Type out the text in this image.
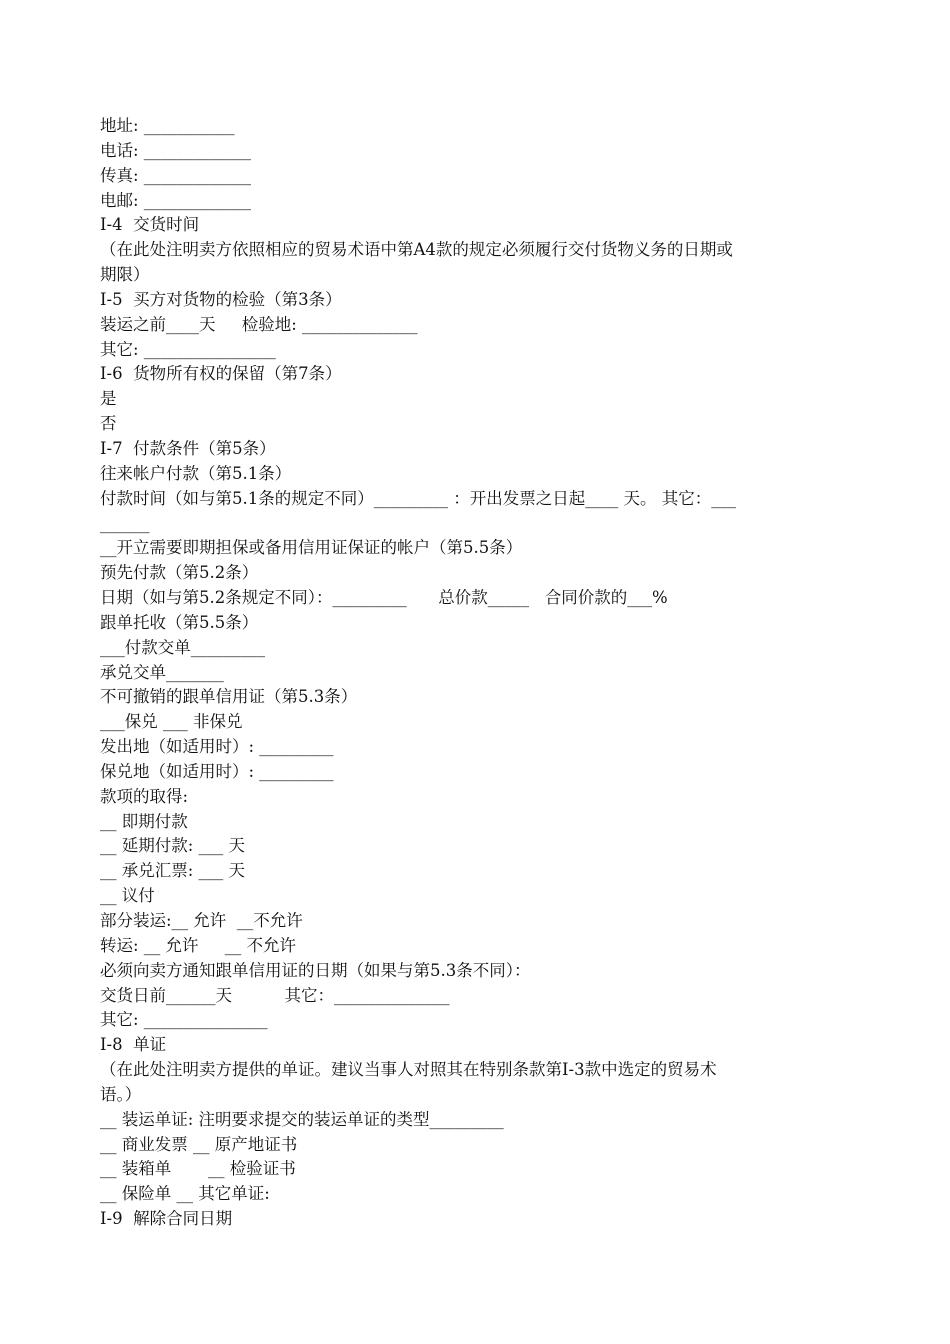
地址: ___________
电话: _____________
传真: _____________
电邮: _____________
I-4  交货时间
（在此处注明卖方依照相应的贸易术语中第A4款的规定必须履行交付货物义务的日期或
期限）
I-5  买方对货物的检验（第3条）
装运之前____天     检验地: ______________
其它: ________________
I-6  货物所有权的保留（第7条）
是
否
I-7  付款条件（第5条）
往来帐户付款（第5.1条）
付款时间（如与第5.1条的规定不同）_________ ：开出发票之日起____ 天。 其它：___
______
__开立需要即期担保或备用信用证保证的帐户（第5.5条）
预先付款（第5.2条）
日期（如与第5.2条规定不同）：_________      总价款_____   合同价款的___%
跟单托收（第5.5条）
___付款交单_________
承兑交单_______
不可撤销的跟单信用证（第5.3条）
___保兑 ___ 非保兑
发出地（如适用时）: _________
保兑地（如适用时）: _________
款项的取得:
__ 即期付款
__ 延期付款: ___ 天
__ 承兑汇票: ___ 天
__ 议付
部分装运:__ 允许  __不允许
转运: __ 允许     __ 不允许
必须向卖方通知跟单信用证的日期（如果与第5.3条不同）：
交货日前______天          其它：______________
其它: _______________
I-8  单证
（在此处注明卖方提供的单证。建议当事人对照其在特别条款第I-3款中选定的贸易术
语。）
__ 装运单证: 注明要求提交的装运单证的类型_________
__ 商业发票 __ 原产地证书
__ 装箱单       __ 检验证书
__ 保险单 __ 其它单证:
I-9  解除合同日期
